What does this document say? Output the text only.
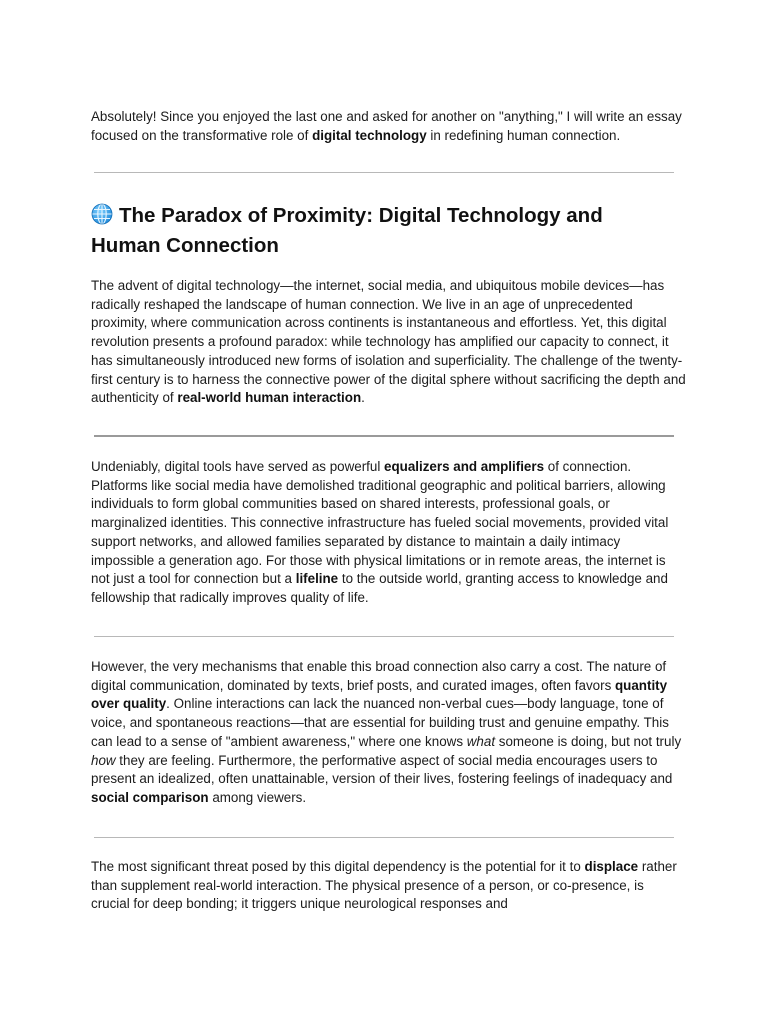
Absolutely! Since you enjoyed the last one and asked for another on "anything," I will write an essay focused on the transformative role of digital technology in redefining human connection.

The Paradox of Proximity: Digital Technology and
Human Connection

The advent of digital technology—the internet, social media, and ubiquitous mobile devices—has radically reshaped the landscape of human connection. We live in an age of unprecedented proximity, where communication across continents is instantaneous and effortless. Yet, this digital revolution presents a profound paradox: while technology has amplified our capacity to connect, it has simultaneously introduced new forms of isolation and superficiality. The challenge of the twenty-first century is to harness the connective power of the digital sphere without sacrificing the depth and authenticity of real-world human interaction.

Undeniably, digital tools have served as powerful equalizers and amplifiers of connection. Platforms like social media have demolished traditional geographic and political barriers, allowing individuals to form global communities based on shared interests, professional goals, or marginalized identities. This connective infrastructure has fueled social movements, provided vital support networks, and allowed families separated by distance to maintain a daily intimacy impossible a generation ago. For those with physical limitations or in remote areas, the internet is not just a tool for connection but a lifeline to the outside world, granting access to knowledge and fellowship that radically improves quality of life.

However, the very mechanisms that enable this broad connection also carry a cost. The nature of digital communication, dominated by texts, brief posts, and curated images, often favors quantity over quality. Online interactions can lack the nuanced non-verbal cues—body language, tone of voice, and spontaneous reactions—that are essential for building trust and genuine empathy. This can lead to a sense of "ambient awareness," where one knows what someone is doing, but not truly how they are feeling. Furthermore, the performative aspect of social media encourages users to present an idealized, often unattainable, version of their lives, fostering feelings of inadequacy and social comparison among viewers.

The most significant threat posed by this digital dependency is the potential for it to displace rather than supplement real-world interaction. The physical presence of a person, or co-presence, is crucial for deep bonding; it triggers unique neurological responses and
